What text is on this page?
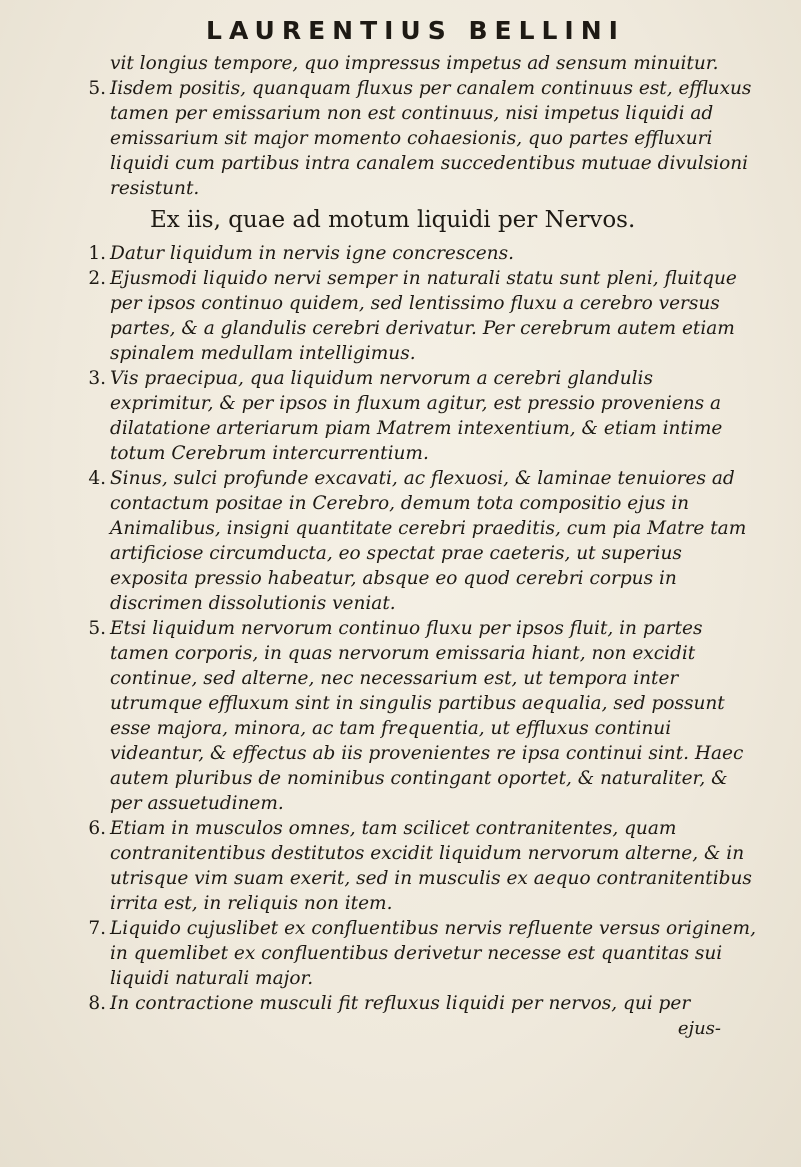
LAURENTIUS BELLINI

vit longius tempore, quo impressus impetus ad sensum minuitur.

5. Iisdem positis, quanquam fluxus per canalem continuus est, effluxus tamen per emissarium non est continuus, nisi impetus liquidi ad emissarium sit major momento cohaesionis, quo partes effluxuri liquidi cum partibus intra canalem succedentibus mutuae divulsioni resistunt.
Ex iis, quae ad motum liquidi per Nervos.
1. Datur liquidum in nervis igne concrescens.
2. Ejusmodi liquido nervi semper in naturali statu sunt pleni, fluitque per ipsos continuo quidem, sed lentissimo fluxu a cerebro versus partes, & a glandulis cerebri derivatur. Per cerebrum autem etiam spinalem medullam intelligimus.
3. Vis praecipua, qua liquidum nervorum a cerebri glandulis exprimitur, & per ipsos in fluxum agitur, est pressio proveniens a dilatatione arteriarum piam Matrem intexentium, & etiam intime totum Cerebrum intercurrentium.
4. Sinus, sulci profunde excavati, ac flexuosi, & laminae tenuiores ad contactum positae in Cerebro, demum tota compositio ejus in Animalibus, insigni quantitate cerebri praeditis, cum pia Matre tam artificiose circumducta, eo spectat prae caeteris, ut superius exposita pressio habeatur, absque eo quod cerebri corpus in discrimen dissolutionis veniat.
5. Etsi liquidum nervorum continuo fluxu per ipsos fluit, in partes tamen corporis, in quas nervorum emissaria hiant, non excidit continue, sed alterne, nec necessarium est, ut tempora inter utrumque effluxum sint in singulis partibus aequalia, sed possunt esse majora, minora, ac tam frequentia, ut effluxus continui videantur, & effectus ab iis provenientes re ipsa continui sint. Haec autem pluribus de nominibus contingant oportet, & naturaliter, & per assuetudinem.
6. Etiam in musculos omnes, tam scilicet contranitentes, quam contranitentibus destitutos excidit liquidum nervorum alterne, & in utrisque vim suam exerit, sed in musculis ex aequo contranitentibus irrita est, in reliquis non item.
7. Liquido cujuslibet ex confluentibus nervis refluente versus originem, in quemlibet ex confluentibus derivetur necesse est quantitas sui liquidi naturali major.
8. In contractione musculi fit refluxus liquidi per nervos, qui per
ejus-
